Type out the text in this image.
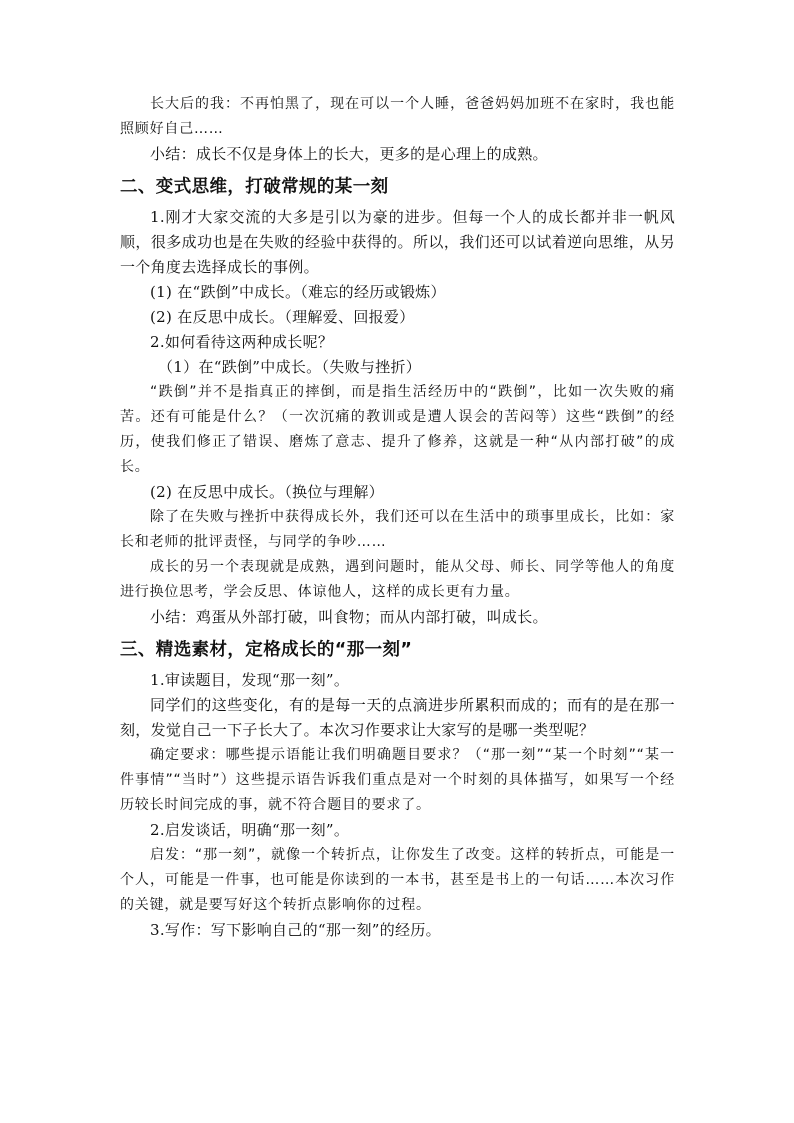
长大后的我：不再怕黑了，现在可以一个人睡，爸爸妈妈加班不在家时，我也能照顾好自己……

小结：成长不仅是身体上的长大，更多的是心理上的成熟。

二、变式思维，打破常规的某一刻

1.刚才大家交流的大多是引以为豪的进步。但每一个人的成长都并非一帆风顺，很多成功也是在失败的经验中获得的。所以，我们还可以试着逆向思维，从另一个角度去选择成长的事例。

(1) 在“跌倒”中成长。（难忘的经历或锻炼）

(2) 在反思中成长。（理解爱、回报爱）

2.如何看待这两种成长呢？

（1）在“跌倒”中成长。（失败与挫折）

“跌倒”并不是指真正的摔倒，而是指生活经历中的“跌倒”，比如一次失败的痛苦。还有可能是什么？（一次沉痛的教训或是遭人误会的苦闷等）这些“跌倒”的经历，使我们修正了错误、磨炼了意志、提升了修养，这就是一种“从内部打破”的成长。

(2) 在反思中成长。（换位与理解）

除了在失败与挫折中获得成长外，我们还可以在生活中的琐事里成长，比如：家长和老师的批评责怪，与同学的争吵……

成长的另一个表现就是成熟，遇到问题时，能从父母、师长、同学等他人的角度进行换位思考，学会反思、体谅他人，这样的成长更有力量。

小结：鸡蛋从外部打破，叫食物；而从内部打破，叫成长。

三、精选素材，定格成长的“那一刻”

1.审读题目，发现“那一刻”。

同学们的这些变化，有的是每一天的点滴进步所累积而成的；而有的是在那一刻，发觉自己一下子长大了。本次习作要求让大家写的是哪一类型呢？

确定要求：哪些提示语能让我们明确题目要求？（“那一刻”“某一个时刻”“某一件事情”“当时”）这些提示语告诉我们重点是对一个时刻的具体描写，如果写一个经历较长时间完成的事，就不符合题目的要求了。

2.启发谈话，明确“那一刻”。

启发：“那一刻”，就像一个转折点，让你发生了改变。这样的转折点，可能是一个人，可能是一件事，也可能是你读到的一本书，甚至是书上的一句话……本次习作的关键，就是要写好这个转折点影响你的过程。

3.写作：写下影响自己的“那一刻”的经历。
